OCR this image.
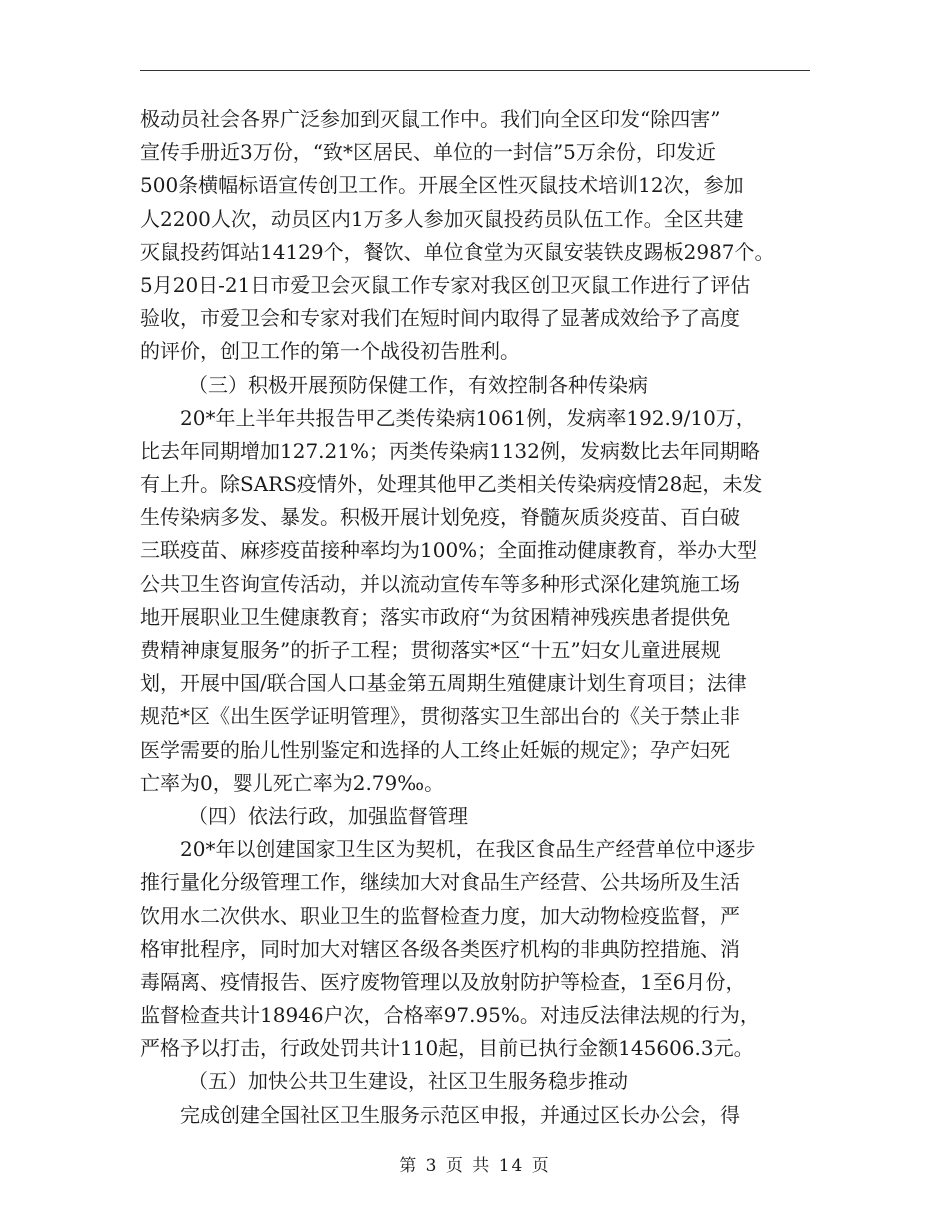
极动员社会各界广泛参加到灭鼠工作中。我们向全区印发“除四害”
宣传手册近3万份，“致*区居民、单位的一封信”5万余份，印发近
500条横幅标语宣传创卫工作。开展全区性灭鼠技术培训12次，参加
人2200人次，动员区内1万多人参加灭鼠投药员队伍工作。全区共建
灭鼠投药饵站14129个，餐饮、单位食堂为灭鼠安装铁皮踢板2987个。
5月20日-21日市爱卫会灭鼠工作专家对我区创卫灭鼠工作进行了评估
验收，市爱卫会和专家对我们在短时间内取得了显著成效给予了高度
的评价，创卫工作的第一个战役初告胜利。
（三）积极开展预防保健工作，有效控制各种传染病
20*年上半年共报告甲乙类传染病1061例，发病率192.9/10万，
比去年同期增加127.21%；丙类传染病1132例，发病数比去年同期略
有上升。除SARS疫情外，处理其他甲乙类相关传染病疫情28起，未发
生传染病多发、暴发。积极开展计划免疫，脊髓灰质炎疫苗、百白破
三联疫苗、麻疹疫苗接种率均为100%；全面推动健康教育，举办大型
公共卫生咨询宣传活动，并以流动宣传车等多种形式深化建筑施工场
地开展职业卫生健康教育；落实市政府“为贫困精神残疾患者提供免
费精神康复服务”的折子工程；贯彻落实*区“十五”妇女儿童进展规
划，开展中国/联合国人口基金第五周期生殖健康计划生育项目；法律
规范*区《出生医学证明管理》，贯彻落实卫生部出台的《关于禁止非
医学需要的胎儿性别鉴定和选择的人工终止妊娠的规定》；孕产妇死
亡率为0，婴儿死亡率为2.79‰。
（四）依法行政，加强监督管理
20*年以创建国家卫生区为契机，在我区食品生产经营单位中逐步
推行量化分级管理工作，继续加大对食品生产经营、公共场所及生活
饮用水二次供水、职业卫生的监督检查力度，加大动物检疫监督，严
格审批程序，同时加大对辖区各级各类医疗机构的非典防控措施、消
毒隔离、疫情报告、医疗废物管理以及放射防护等检查，1至6月份，
监督检查共计18946户次，合格率97.95%。对违反法律法规的行为，
严格予以打击，行政处罚共计110起，目前已执行金额145606.3元。
（五）加快公共卫生建设，社区卫生服务稳步推动
完成创建全国社区卫生服务示范区申报，并通过区长办公会，得
第 3 页 共 14 页
